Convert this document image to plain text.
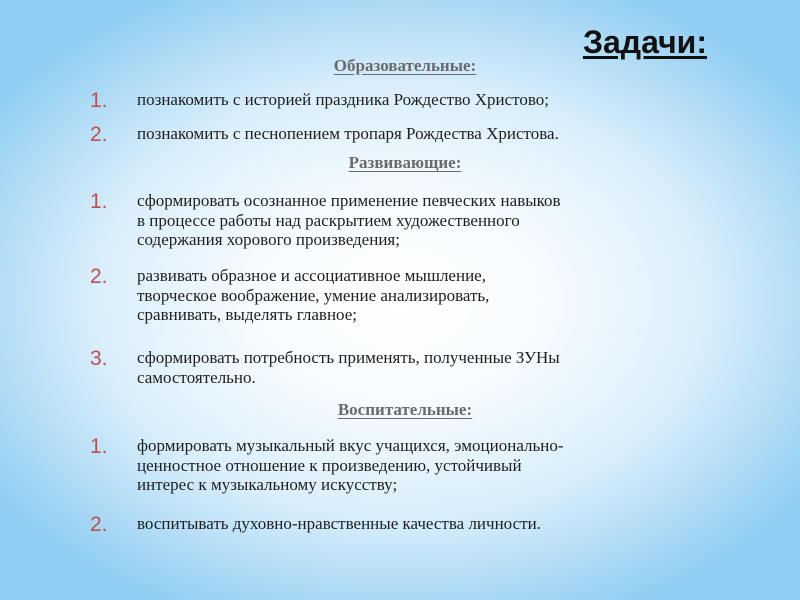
Задачи:
Образовательные:
1. познакомить с историей праздника Рождество Христово;
2. познакомить с песнопением тропаря Рождества Христова.
Развивающие:
1. сформировать осознанное применение певческих навыков
в процессе работы над раскрытием художественного
содержания хорового произведения;
2. развивать образное и ассоциативное мышление,
творческое воображение, умение анализировать,
сравнивать, выделять главное;
3. сформировать потребность применять, полученные ЗУНы
самостоятельно.
Воспитательные:
1. формировать музыкальный вкус учащихся, эмоционально-
ценностное отношение к произведению, устойчивый
интерес к музыкальному искусству;
2. воспитывать духовно-нравственные качества личности.
